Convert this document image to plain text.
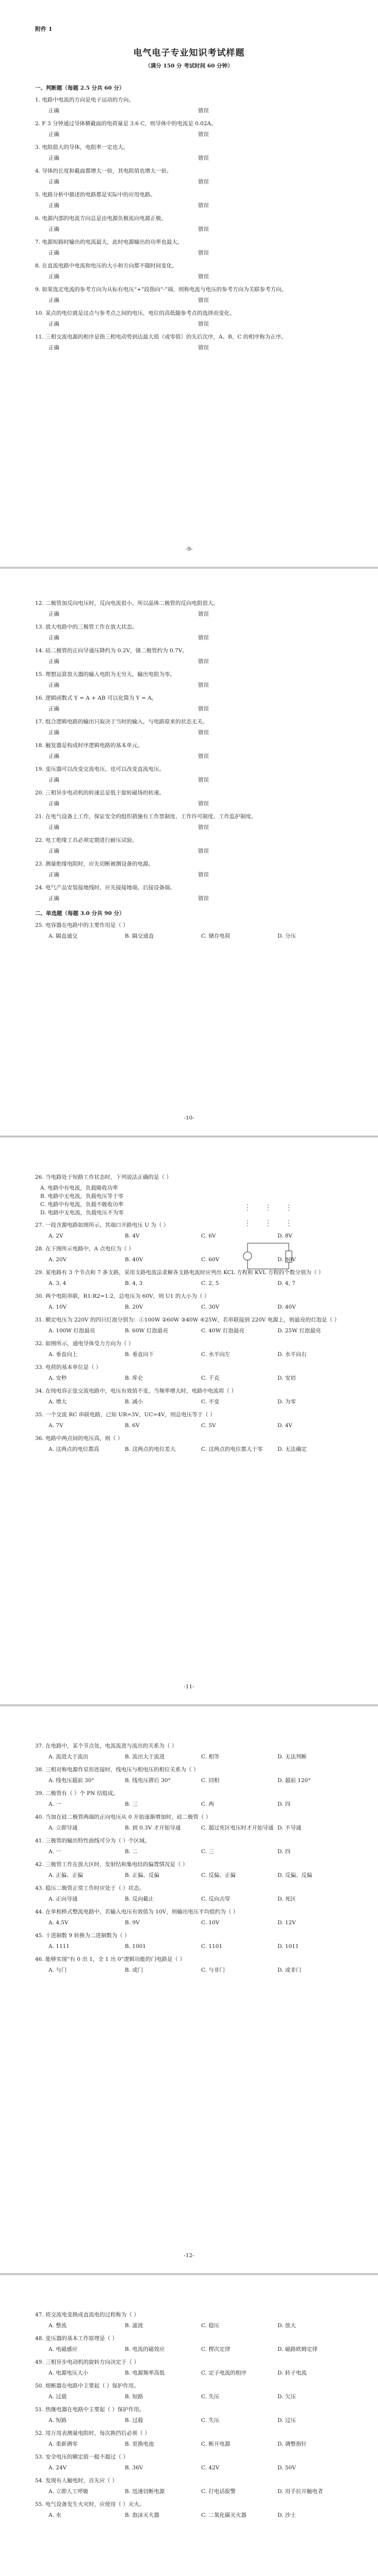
附件 1
电气电子专业知识考试样题
（满分 150 分 考试时间 60 分钟）
一、判断题（每题 2.5 分共 60 分）
1. 电路中电流的方向是电子运动的方向。
正确	错误
2. F 3 分钟通过导体横截面的电荷量是 3.6 C，则导体中的电流是 0.02A。
正确	错误
3. 电阻值大的导体，电阻率一定也大。
正确	错误
4. 导体的长度和截面都增大一倍，其电阻值也增大一倍。
正确	错误
5. 电路分析中描述的电路都是实际中的应用电路。
正确	错误
6. 电源内部的电流方向总是由电源负极流向电源正极。
正确	错误
7. 电源短路时输出的电流最大，此时电源输出的功率也最大。
正确	错误
8. 在直流电路中电流和电压的大小和方向都不随时间变化。
正确	错误
9. 如果选定电流的参考方向为从标有电压“+”段指向“-”端，则称电流与电压的参考方向为关联参考方向。
正确	错误
10. 某点的电位就是这点与参考点之间的电压，电位的高低随参考点的选择而变化。
正确	错误
11. 三相交流电源的相序是指三相电动势到达最大值（或零值）的先后次序，A、B、C 的相序称为正序。
正确	错误
-9-
12. 二极管加反向电压时，反向电流很小，所以晶体二极管的反向电阻很大。
正确	错误
13. 放大电路中的三极管工作在放大状态。
正确	错误
14. 硅二极管的正向导通压降约为 0.2V，锗二极管约为 0.7V。
正确	错误
15. 理想运算放大器的输入电阻为无穷大，输出电阻为零。
正确	错误
16. 逻辑函数式 Y = A + AB 可以化简为 Y = A。
正确	错误
17. 组合逻辑电路的输出只取决于当时的输入，与电路原来的状态无关。
正确	错误
18. 触发器是构成时序逻辑电路的基本单元。
正确	错误
19. 变压器可以改变交流电压，也可以改变直流电压。
正确	错误
20. 三相异步电动机的转速总是低于旋转磁场的转速。
正确	错误
21. 在电气设备上工作，保证安全的组织措施有工作票制度、工作许可制度、工作监护制度。
正确	错误
22. 电工绝缘工具必须定期进行耐压试验。
正确	错误
23. 测量绝缘电阻时，应先切断被测设备的电源。
正确	错误
24. 电气产品安装接地线时，应先接接地端，后接设备端。
正确	错误
二、单选题（每题 3.0 分共 90 分）
25. 电容器在电路中的主要作用是（ ）
A. 隔直通交	B. 隔交通直	C. 储存电荷	D. 分压
-10-
26. 当电路处于短路工作状态时，下列说法正确的是（ ）
A. 电路中有电流，负载吸收功率
B. 电路中无电流，负载电压等于零
C. 电路中有电流，负载不吸收功率
D. 电路中无电流，负载电压不为零
27. 一段含源电路如图所示，其端口开路电压 U 为（ ）
A. 2V	B. 4V	C. 6V	D. 8V
28. 在下图所示电路中，A 点电位为（ ）
A. 20V	B. 40V	C. 60V	D. 80V
29. 某电路有 3 个节点和 7 条支路，采用支路电流法求解各支路电流时应列出 KCL 方程和 KVL 方程的个数分别为（ ）
A. 3, 4	B. 4, 3	C. 2, 5	D. 4, 7
30. 两个电阻串联，R1:R2=1:2，总电压为 60V，则 U1 的大小为（ ）
A. 10V	B. 20V	C. 30V	D. 40V
31. 额定电压为 220V 的四只灯泡分别为：①100W ②60W ③40W ④25W，若串联接到 220V 电源上，则最亮的灯泡是（ ）
A. 100W 灯泡最亮	B. 60W 灯泡最亮	C. 40W 灯泡最亮	D. 25W 灯泡最亮
32. 如图所示，通电导体受力方向为（ ）
A. 垂直向上	B. 垂直向下	C. 水平向左	D. 水平向右
33. 电荷的基本单位是（ ）
A. 安秒	B. 库仑	C. 千克	D. 安培
34. 在纯电容正弦交流电路中，电压有效值不变，当频率增大时，电路中电流将（ ）
A. 增大	B. 减小	C. 不变	D. 为零
35. 一个交流 RC 串联电路，已知 UR=3V，UC=4V，则总电压等于（ ）
A. 7V	B. 6V	C. 5V	D. 4V
36. 电路中两点间的电压高，则（ ）
A. 这两点的电位都高	B. 这两点的电位差大	C. 这两点的电位都大于零	D. 无法确定
-11-
37. 在电路中，某个节点处，电流流进与流出的关系为（ ）
A. 流进大于流出	B. 流出大于流进	C. 相等	D. 无法判断
38. 三相对称电源作星形连接时，线电压与相电压的相位关系为（ ）
A. 线电压超前 30°	B. 线电压滞后 30°	C. 同相	D. 超前 120°
39. 二极管有（ ）个 PN 结组成。
A. 一	B. 三	C. 两	D. 四
40. 当加在硅二极管两端的正向电压从 0 开始逐渐增加时，硅二极管（ ）
A. 立即导通	B. 到 0.3V 才开始导通	C. 超过死区电压时才开始导通 D. 不导通
41. 三极管的输出特性曲线可分为（ ）个区域。
A. 一	B. 二	C. 三	D. 四
42. 三极管工作在放大区时，发射结和集电结的偏置情况是（ ）
A. 正偏、正偏	B. 正偏、反偏	C. 反偏、正偏	D. 反偏、反偏
43. 稳压二极管正常工作时应处于（ ）状态。
A. 正向导通	B. 反向截止	C. 反向击穿	D. 死区
44. 在单相桥式整流电路中，若输入电压有效值为 10V，则输出电压平均值约为（ ）
A. 4.5V	B. 9V	C. 10V	D. 12V
45. 十进制数 9 转换为二进制数为（ ）
A. 1111	B. 1001	C. 1101	D. 1011
46. 能够实现“有 0 出 1，全 1 出 0”逻辑功能的门电路是（ ）
A. 与门	B. 或门	C. 与非门	D. 或非门
-12-
47. 将交流电变换成直流电的过程称为（ ）
A. 整流	B. 滤波	C. 稳压	D. 放大
48. 变压器的基本工作原理是（ ）
A. 电磁感应	B. 电流的磁效应	C. 楞次定律	D. 磁路欧姆定律
49. 三相异步电动机的旋转方向决定于（ ）
A. 电源电压大小	B. 电源频率高低	C. 定子电流的相序	D. 转子电流
50. 熔断器在电路中主要起（ ）保护作用。
A. 过载	B. 短路	C. 失压	D. 欠压
51. 热继电器在电路中主要起（ ）保护作用。
A. 短路	B. 过载	C. 失压	D. 过压
52. 用万用表测量电阻时，每次换挡后必须（ ）
A. 重新调零	B. 更换电池	C. 断开电源	D. 调整指针
53. 安全电压的额定值一般不超过（ ）
A. 24V	B. 36V	C. 42V	D. 50V
54. 发现有人触电时，首先应（ ）
A. 立即人工呼吸	B. 迅速切断电源	C. 打电话报警	D. 用手拉开触电者
55. 电气设备发生火灾时，应使用（ ）灭火。
A. 水	B. 泡沫灭火器	C. 二氧化碳灭火器	D. 沙土
